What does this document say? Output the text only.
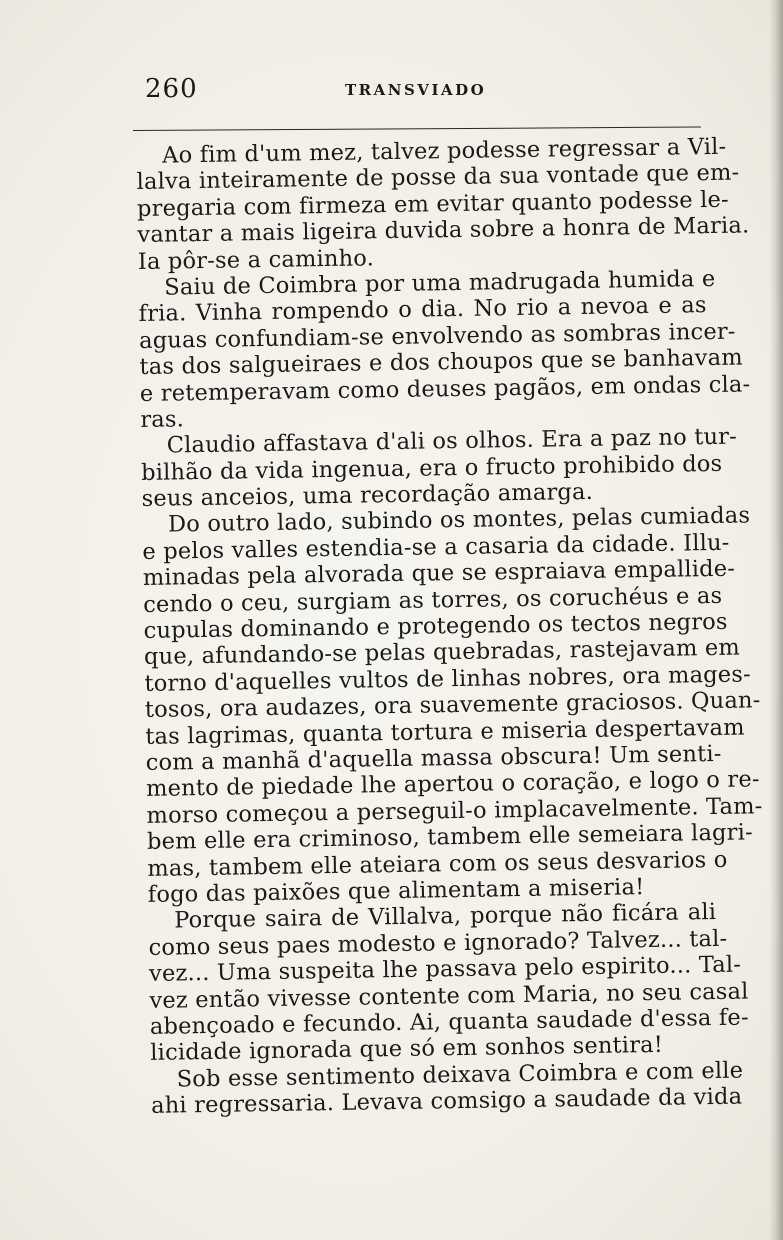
260	TRANSVIADO
Ao fim d'um mez, talvez podesse regressar a Vil-
lalva inteiramente de posse da sua vontade que em-
pregaria com firmeza em evitar quanto podesse le-
vantar a mais ligeira duvida sobre a honra de Maria.
Ia pôr-se a caminho.
Saiu de Coimbra por uma madrugada humida e
fria. Vinha rompendo o dia. No rio a nevoa e as
aguas confundiam-se envolvendo as sombras incer-
tas dos salgueiraes e dos choupos que se banhavam
e retemperavam como deuses pagãos, em ondas cla-
ras.
Claudio affastava d'ali os olhos. Era a paz no tur-
bilhão da vida ingenua, era o fructo prohibido dos
seus anceios, uma recordação amarga.
Do outro lado, subindo os montes, pelas cumiadas
e pelos valles estendia-se a casaria da cidade. Illu-
minadas pela alvorada que se espraiava empallide-
cendo o ceu, surgiam as torres, os coruchéus e as
cupulas dominando e protegendo os tectos negros
que, afundando-se pelas quebradas, rastejavam em
torno d'aquelles vultos de linhas nobres, ora mages-
tosos, ora audazes, ora suavemente graciosos. Quan-
tas lagrimas, quanta tortura e miseria despertavam
com a manhã d'aquella massa obscura! Um senti-
mento de piedade lhe apertou o coração, e logo o re-
morso começou a perseguil-o implacavelmente. Tam-
bem elle era criminoso, tambem elle semeiara lagri-
mas, tambem elle ateiara com os seus desvarios o
fogo das paixões que alimentam a miseria!
Porque saira de Villalva, porque não ficára ali
como seus paes modesto e ignorado? Talvez... tal-
vez... Uma suspeita lhe passava pelo espirito... Tal-
vez então vivesse contente com Maria, no seu casal
abençoado e fecundo. Ai, quanta saudade d'essa fe-
licidade ignorada que só em sonhos sentira!
Sob esse sentimento deixava Coimbra e com elle
ahi regressaria. Levava comsigo a saudade da vida
